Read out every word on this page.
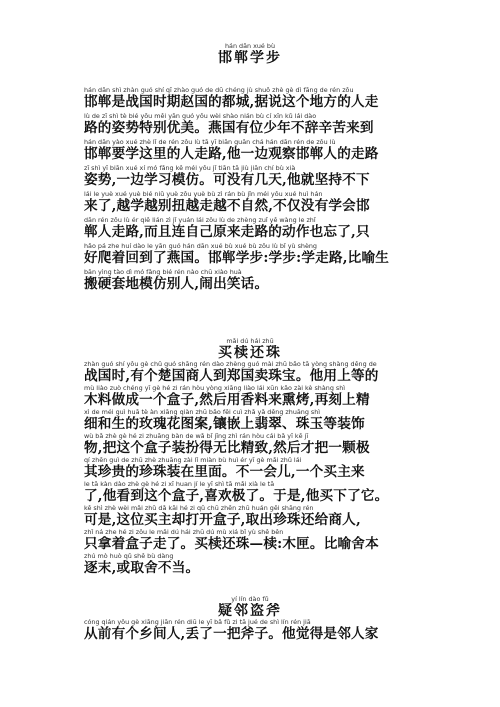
hán dān xué bù
邯郸学步
hán dān shì zhàn guó shí qī zhào guó de dū chéng jù shuō zhè gè dì fāng de rén zǒu
邯郸是战国时期赵国的都城,据说这个地方的人走
lù de zī shì tè bié yōu měi yān guó yǒu wèi shào nián bù cí xīn kǔ lái dào
路的姿势特别优美。燕国有位少年不辞辛苦来到
hán dān yào xué zhè lǐ de rén zǒu lù tā yī biān guān chá hán dān rén de zǒu lù
邯郸要学这里的人走路,他一边观察邯郸人的走路
zī shì yī biān xué xí mó fǎng kě méi yǒu jǐ tiān tā jiù jiān chí bù xià
姿势,一边学习模仿。可没有几天,他就坚持不下
lái le yuè xué yuè bié niǔ yuè zǒu yuè bù zì rán bù jǐn méi yǒu xué huì hán
来了,越学越别扭越走越不自然,不仅没有学会邯
dān rén zǒu lù ér qiě lián zì jǐ yuán lái zǒu lù de zhèng zuǐ yě wàng le zhǐ
郸人走路,而且连自己原来走路的动作也忘了,只
hǎo pá zhe huí dào le yān guó hán dān xué bù xué bù zǒu lù bǐ yù shèng
好爬着回到了燕国。邯郸学步:学步:学走路,比喻生
bān yìng tào dì mó fǎng bié rén nào chū xiào huà
搬硬套地模仿别人,闹出笑话。
mǎi dú hái zhū
买椟还珠
zhàn guó shí yǒu gè chǔ guó shāng rén dào zhèng guó mài zhū bǎo tā yòng shàng děng de
战国时,有个楚国商人到郑国卖珠宝。他用上等的
mù liào zuò chéng yī gè hé zi rán hòu yòng xiāng liào lái xūn kǎo zài kè shàng shì
木料做成一个盒子,然后用香料来熏烤,再刻上精
xì de méi guì huā tè àn xiāng qiàn zhū bǎo fěi cuì zhǎ yǎ děng zhuāng shì
细和生的玫瑰花图案,镶嵌上翡翠、珠玉等装饰
wù bǎ zhè gè hé zi zhuāng bàn de wǎ bǐ jīng zhì rán hòu cái bǎ yī kē jī
物,把这个盒子装扮得无比精致,然后才把一颗极
qí zhēn guì de zhū zhè zhuāng zài lǐ miàn bù huì ér yī gè mǎi zhǔ lái
其珍贵的珍珠装在里面。不一会儿,一个买主来
le tā kàn dào zhè gè hé zi xī huan jí le yī shì tā mǎi xià le tā
了,他看到这个盒子,喜欢极了。于是,他买下了它。
kě shì zhè wèi mǎi zhǔ dǎ kāi hé zi qǔ chū zhēn zhū huán gěi shāng rén
可是,这位买主却打开盒子,取出珍珠还给商人,
zhǐ ná zhe hé zi zǒu le mǎi dú hái zhū dú mù xiá bǐ yù shě běn
只拿着盒子走了。买椟还珠—椟:木匣。比喻舍本
zhú mò huò qǔ shě bù dàng
逐末,或取舍不当。
yí lín dào fǔ
疑邻盗斧
cóng qián yǒu gè xiāng jiān rén diū le yī bǎ fǔ zi tā jué de shì lín rén jiā
从前有个乡间人,丢了一把斧子。他觉得是邻人家
